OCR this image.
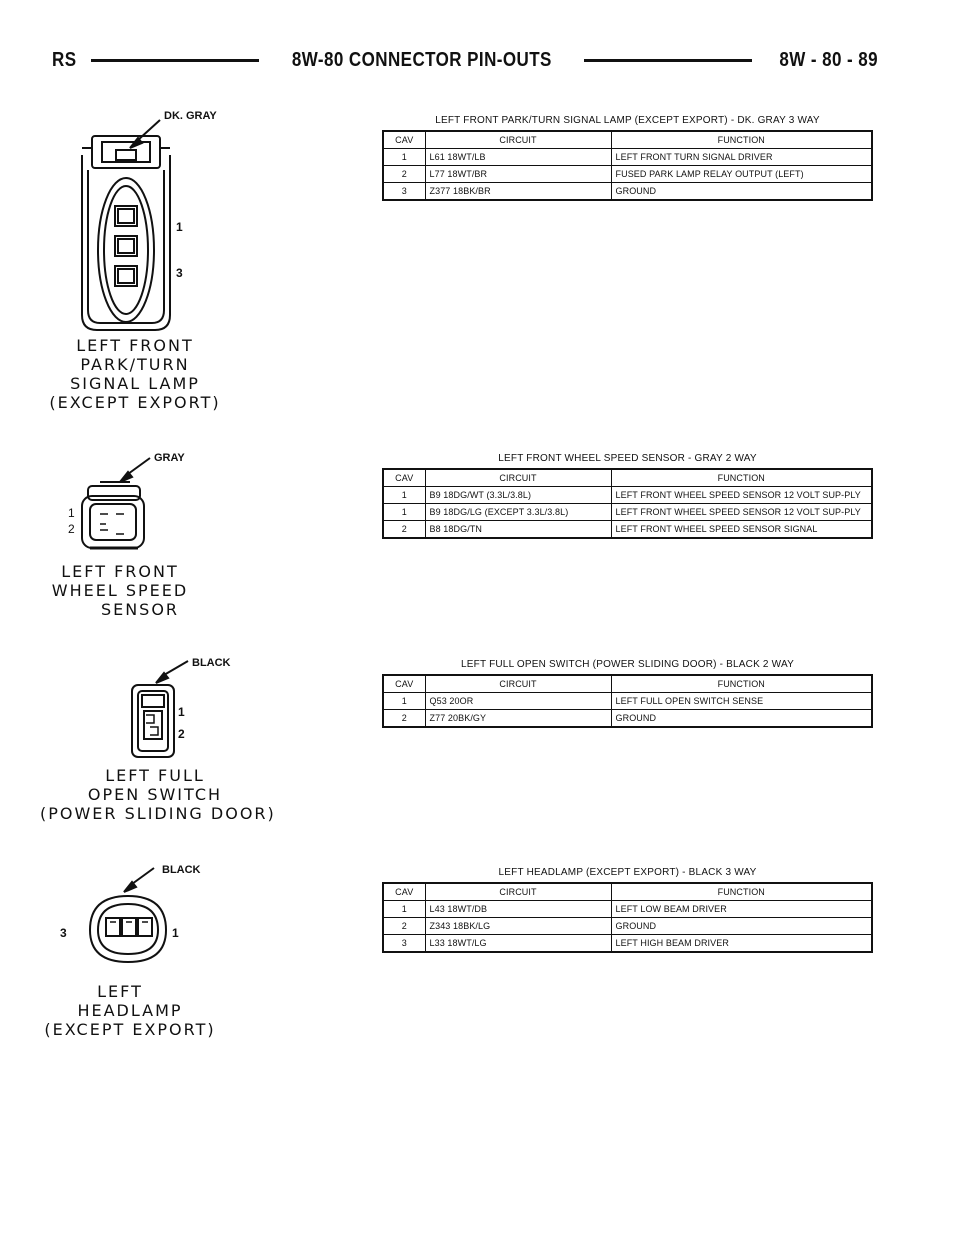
RS	8W-80 CONNECTOR PIN-OUTS	8W - 80 - 89
LEFT FRONT PARK/TURN SIGNAL LAMP (EXCEPT EXPORT) - DK. GRAY 3 WAY
CAV	CIRCUIT	FUNCTION
1	L61 18WT/LB	LEFT FRONT TURN SIGNAL DRIVER
2	L77 18WT/BR	FUSED PARK LAMP RELAY OUTPUT (LEFT)
3	Z377 18BK/BR	GROUND
DK. GRAY
1
3
LEFT FRONT
PARK/TURN
SIGNAL LAMP
(EXCEPT EXPORT)
LEFT FRONT WHEEL SPEED SENSOR - GRAY 2 WAY
CAV	CIRCUIT	FUNCTION
1	B9 18DG/WT (3.3L/3.8L)	LEFT FRONT WHEEL SPEED SENSOR 12 VOLT SUP-PLY
1	B9 18DG/LG (EXCEPT 3.3L/3.8L)	LEFT FRONT WHEEL SPEED SENSOR 12 VOLT SUP-PLY
2	B8 18DG/TN	LEFT FRONT WHEEL SPEED SENSOR SIGNAL
GRAY
1
2
LEFT FRONT
WHEEL SPEED
SENSOR
LEFT FULL OPEN SWITCH (POWER SLIDING DOOR) - BLACK 2 WAY
CAV	CIRCUIT	FUNCTION
1	Q53 20OR	LEFT FULL OPEN SWITCH SENSE
2	Z77 20BK/GY	GROUND
BLACK
1
2
LEFT FULL
OPEN SWITCH
(POWER SLIDING DOOR)
LEFT HEADLAMP (EXCEPT EXPORT) - BLACK 3 WAY
CAV	CIRCUIT	FUNCTION
1	L43 18WT/DB	LEFT LOW BEAM DRIVER
2	Z343 18BK/LG	GROUND
3	L33 18WT/LG	LEFT HIGH BEAM DRIVER
BLACK
3	1
LEFT
HEADLAMP
(EXCEPT EXPORT)
